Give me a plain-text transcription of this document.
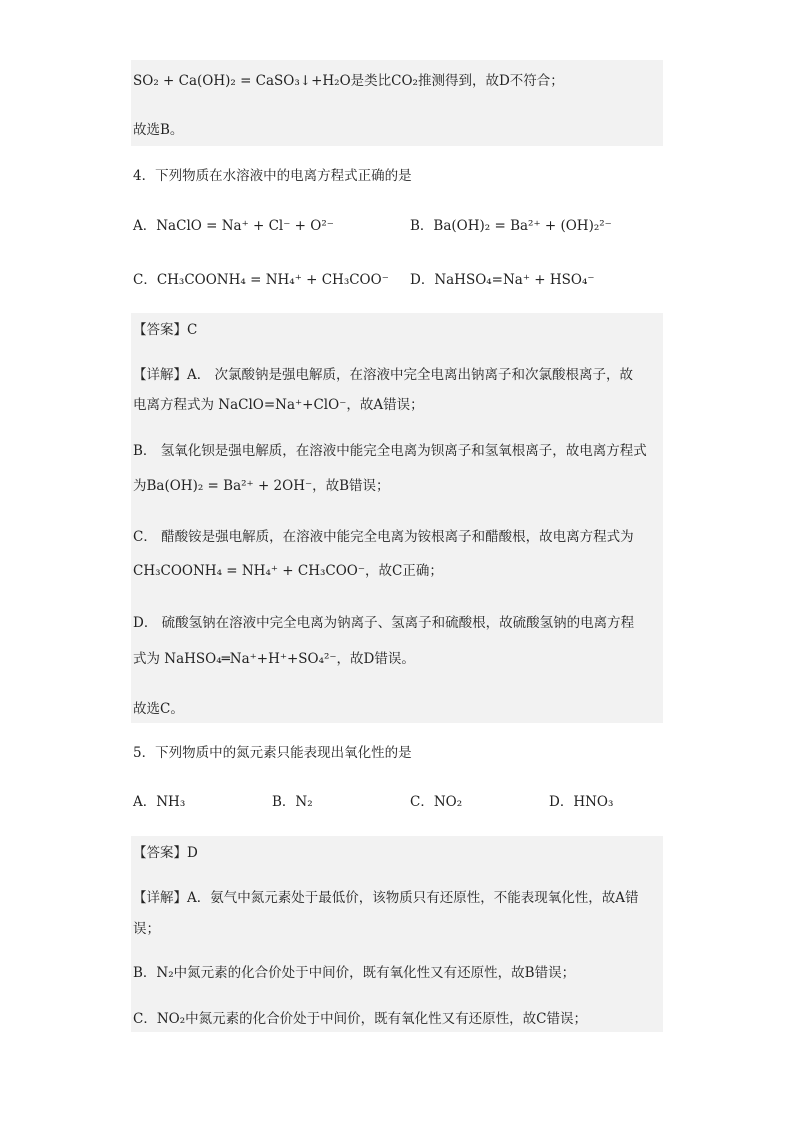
SO₂ + Ca(OH)₂ = CaSO₃↓+H₂O是类比CO₂推测得到，故D不符合；
故选B。
4．下列物质在水溶液中的电离方程式正确的是
A．NaClO = Na⁺ + Cl⁻ + O²⁻	B．Ba(OH)₂ = Ba²⁺ + (OH)₂²⁻
C．CH₃COONH₄ = NH₄⁺ + CH₃COO⁻ D．NaHSO₄=Na⁺ + HSO₄⁻
【答案】C
【详解】A． 次氯酸钠是强电解质，在溶液中完全电离出钠离子和次氯酸根离子，故
电离方程式为 NaClO=Na⁺+ClO⁻，故A错误；
B． 氢氧化钡是强电解质，在溶液中能完全电离为钡离子和氢氧根离子，故电离方程式
为Ba(OH)₂ = Ba²⁺ + 2OH⁻，故B错误；
C． 醋酸铵是强电解质，在溶液中能完全电离为铵根离子和醋酸根，故电离方程式为
CH₃COONH₄ = NH₄⁺ + CH₃COO⁻，故C正确；
D． 硫酸氢钠在溶液中完全电离为钠离子、氢离子和硫酸根，故硫酸氢钠的电离方程
式为 NaHSO₄═Na⁺+H⁺+SO₄²⁻，故D错误。
故选C。
5．下列物质中的氮元素只能表现出氧化性的是
A．NH₃	B．N₂	C．NO₂	D．HNO₃
【答案】D
【详解】A．氨气中氮元素处于最低价，该物质只有还原性，不能表现氧化性，故A错
误；
B．N₂中氮元素的化合价处于中间价，既有氧化性又有还原性，故B错误；
C．NO₂中氮元素的化合价处于中间价，既有氧化性又有还原性，故C错误；
